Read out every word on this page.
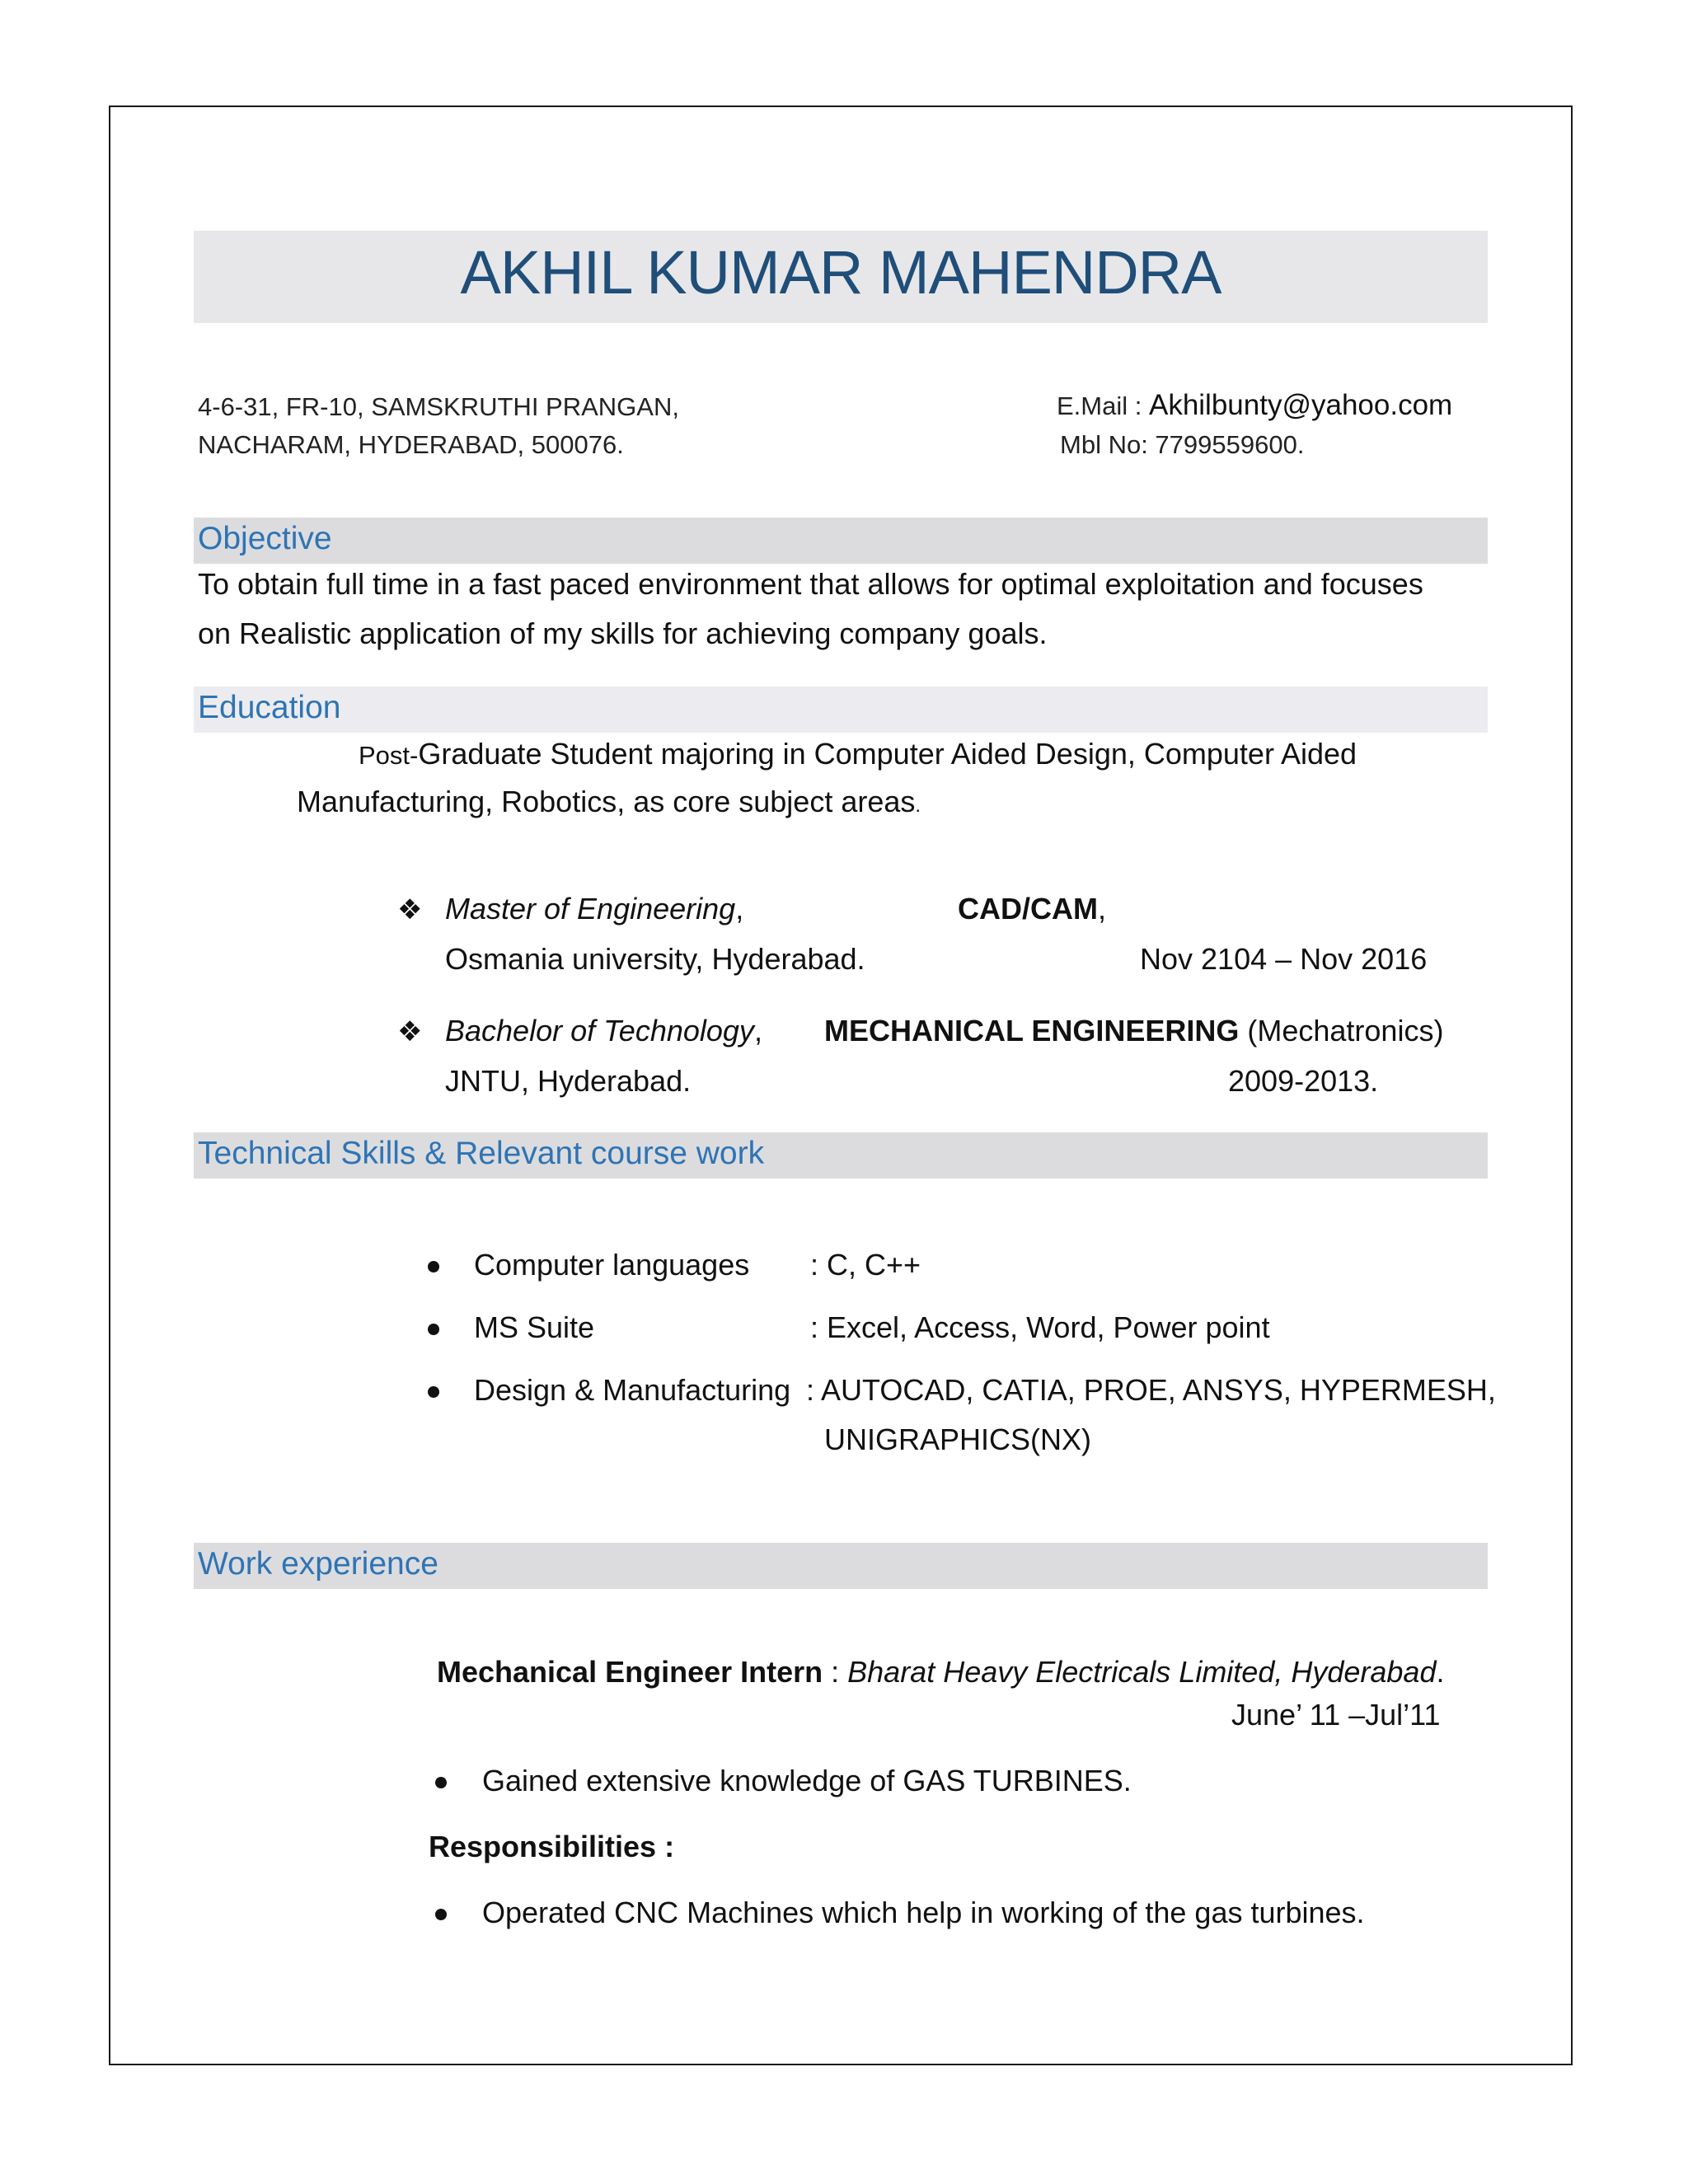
AKHIL KUMAR MAHENDRA
4-6-31, FR-10, SAMSKRUTHI PRANGAN,
NACHARAM, HYDERABAD, 500076.
E.Mail : Akhilbunty@yahoo.com
Mbl No: 7799559600.
Objective
To obtain full time in a fast paced environment that allows for optimal exploitation and focuses
on Realistic application of my skills for achieving company goals.
Education
Post-Graduate Student majoring in Computer Aided Design, Computer Aided
Manufacturing, Robotics, as core subject areas.
❖ Master of Engineering,	CAD/CAM,
Osmania university, Hyderabad.	Nov 2104 – Nov 2016
❖ Bachelor of Technology, MECHANICAL ENGINEERING (Mechatronics)
JNTU, Hyderabad.	2009-2013.
Technical Skills & Relevant course work
Computer languages : C, C++
MS Suite	: Excel, Access, Word, Power point
Design & Manufacturing : AUTOCAD, CATIA, PROE, ANSYS, HYPERMESH,
UNIGRAPHICS(NX)
Work experience
Mechanical Engineer Intern : Bharat Heavy Electricals Limited, Hyderabad.
June’ 11 –Jul’11
Gained extensive knowledge of GAS TURBINES.
Responsibilities :
Operated CNC Machines which help in working of the gas turbines.
